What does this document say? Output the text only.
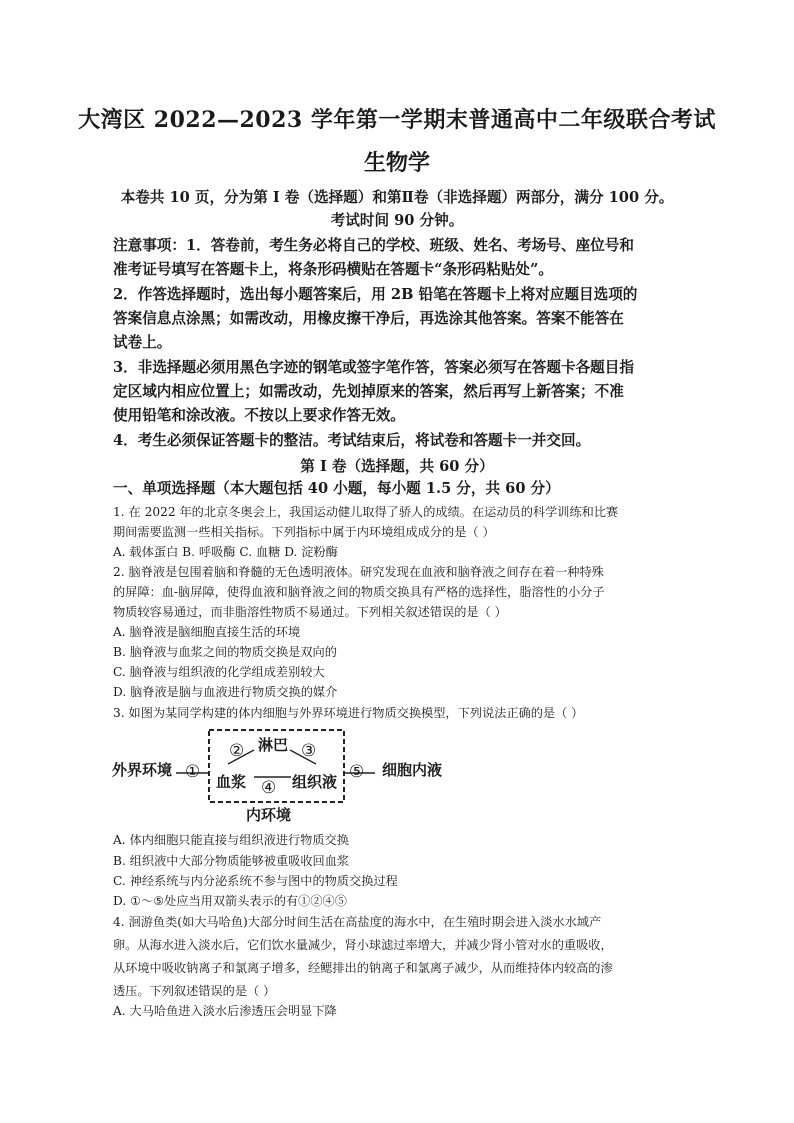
大湾区 2022—2023 学年第一学期末普通高中二年级联合考试
生物学
本卷共 10 页，分为第 I 卷（选择题）和第Ⅱ卷（非选择题）两部分，满分 100 分。
考试时间 90 分钟。
注意事项：1．答卷前，考生务必将自己的学校、班级、姓名、考场号、座位号和
准考证号填写在答题卡上，将条形码横贴在答题卡“条形码粘贴处”。
2．作答选择题时，选出每小题答案后，用 2B 铅笔在答题卡上将对应题目选项的
答案信息点涂黑；如需改动，用橡皮擦干净后，再选涂其他答案。答案不能答在
试卷上。
3．非选择题必须用黑色字迹的钢笔或签字笔作答，答案必须写在答题卡各题目指
定区域内相应位置上；如需改动，先划掉原来的答案，然后再写上新答案；不准
使用铅笔和涂改液。不按以上要求作答无效。
4．考生必须保证答题卡的整洁。考试结束后，将试卷和答题卡一并交回。
第 I 卷（选择题，共 60 分）
一、单项选择题（本大题包括 40 小题，每小题 1.5 分，共 60 分）
1. 在 2022 年的北京冬奥会上，我国运动健儿取得了骄人的成绩。在运动员的科学训练和比赛
期间需要监测一些相关指标。下列指标中属于内环境组成成分的是（ ）
A. 载体蛋白 B. 呼吸酶 C. 血糖 D. 淀粉酶
2. 脑脊液是包围着脑和脊髓的无色透明液体。研究发现在血液和脑脊液之间存在着一种特殊
的屏障：血-脑屏障，使得血液和脑脊液之间的物质交换具有严格的选择性，脂溶性的小分子
物质较容易通过，而非脂溶性物质不易通过。下列相关叙述错误的是（ ）
A. 脑脊液是脑细胞直接生活的环境
B. 脑脊液与血浆之间的物质交换是双向的
C. 脑脊液与组织液的化学组成差别较大
D. 脑脊液是脑与血液进行物质交换的媒介
3. 如图为某同学构建的体内细胞与外界环境进行物质交换模型，下列说法正确的是（ ）
外界环境 ①
② 淋巴 ③
血浆 ④ 组织液 ⑤ 细胞内液
内环境
A. 体内细胞只能直接与组织液进行物质交换
B. 组织液中大部分物质能够被重吸收回血浆
C. 神经系统与内分泌系统不参与图中的物质交换过程
D. ①～⑤处应当用双箭头表示的有①②④⑤
4. 洄游鱼类(如大马哈鱼)大部分时间生活在高盐度的海水中，在生殖时期会进入淡水水域产
卵。从海水进入淡水后，它们饮水量减少，肾小球滤过率增大，并减少肾小管对水的重吸收，
从环境中吸收钠离子和氯离子增多，经鳃排出的钠离子和氯离子减少，从而维持体内较高的渗
透压。下列叙述错误的是（ ）
A. 大马哈鱼进入淡水后渗透压会明显下降
